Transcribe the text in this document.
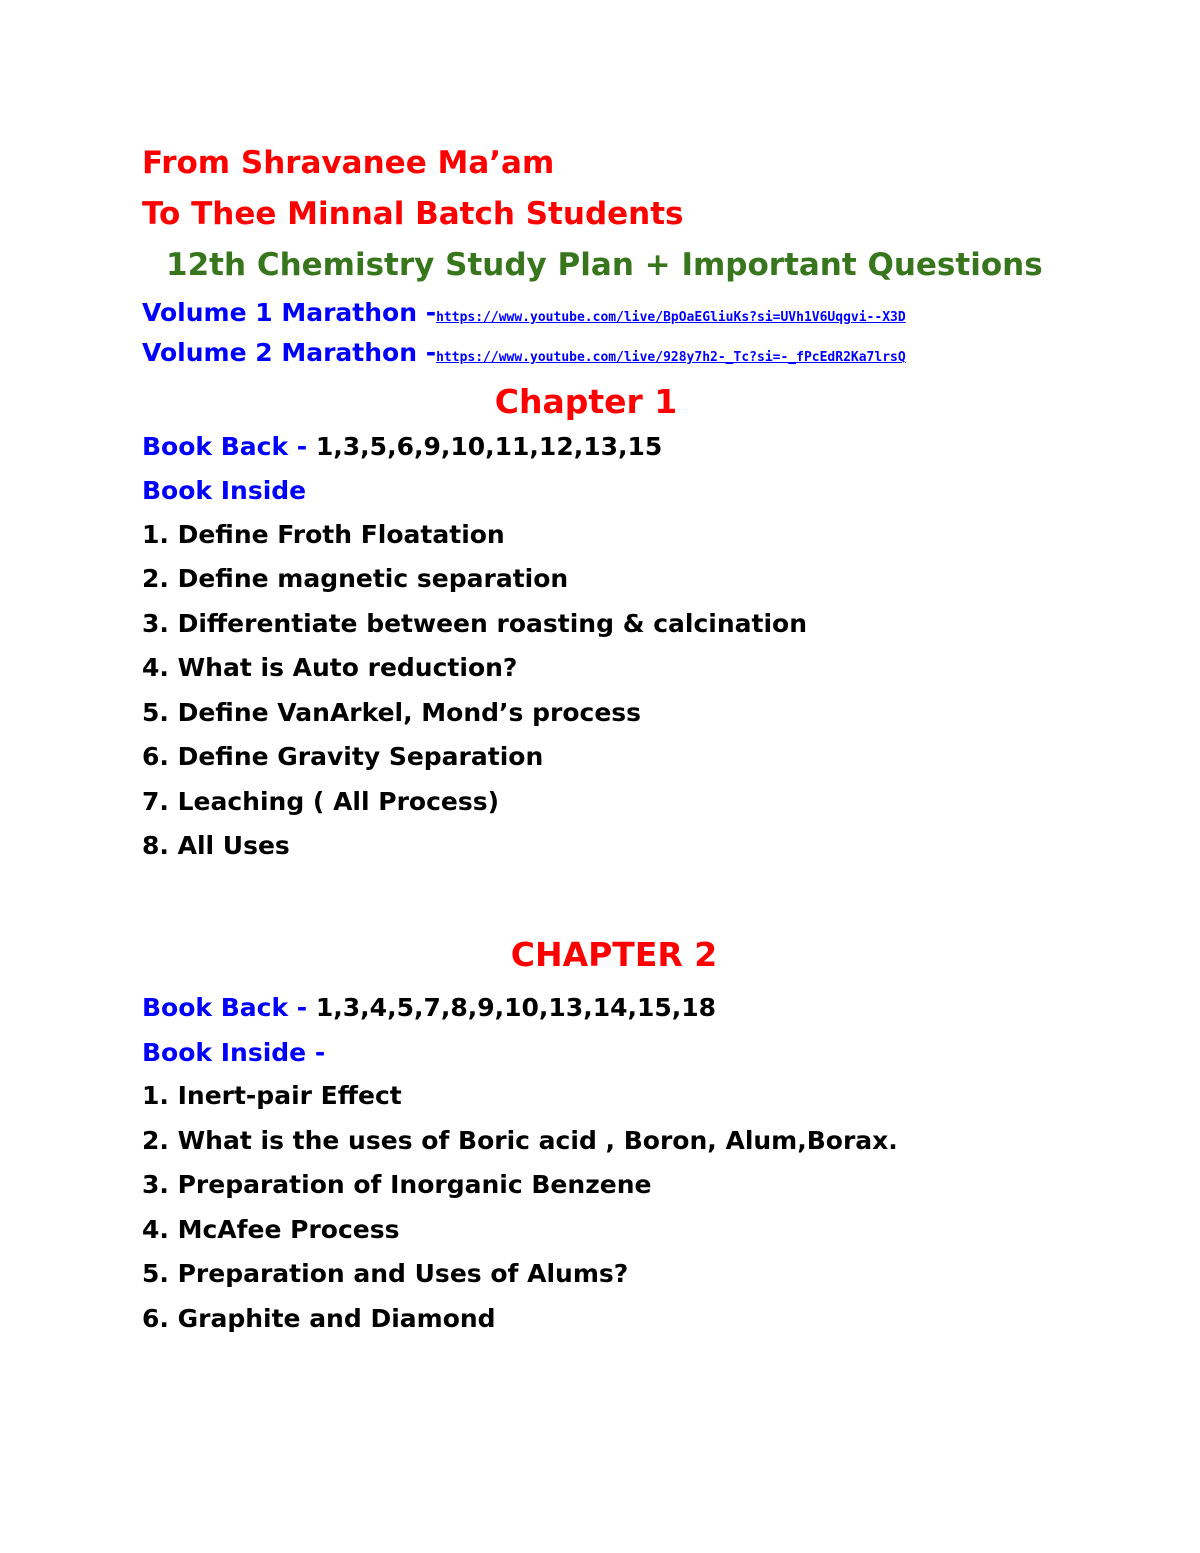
From Shravanee Ma’am
To Thee Minnal Batch Students
12th Chemistry Study Plan + Important Questions
Volume 1 Marathon -https://www.youtube.com/live/BpOaEGliuKs?si=UVh1V6Uqgvi--X3D
Volume 2 Marathon -https://www.youtube.com/live/928y7h2-_Tc?si=-_fPcEdR2Ka7lrsQ
Chapter 1
Book Back - 1,3,5,6,9,10,11,12,13,15
Book Inside
1. Define Froth Floatation
2. Define magnetic separation
3. Differentiate between roasting & calcination
4. What is Auto reduction?
5. Define VanArkel, Mond’s process
6. Define Gravity Separation
7. Leaching ( All Process)
8. All Uses
CHAPTER 2
Book Back - 1,3,4,5,7,8,9,10,13,14,15,18
Book Inside -
1. Inert-pair Effect
2. What is the uses of Boric acid , Boron, Alum,Borax.
3. Preparation of Inorganic Benzene
4. McAfee Process
5. Preparation and Uses of Alums?
6. Graphite and Diamond
